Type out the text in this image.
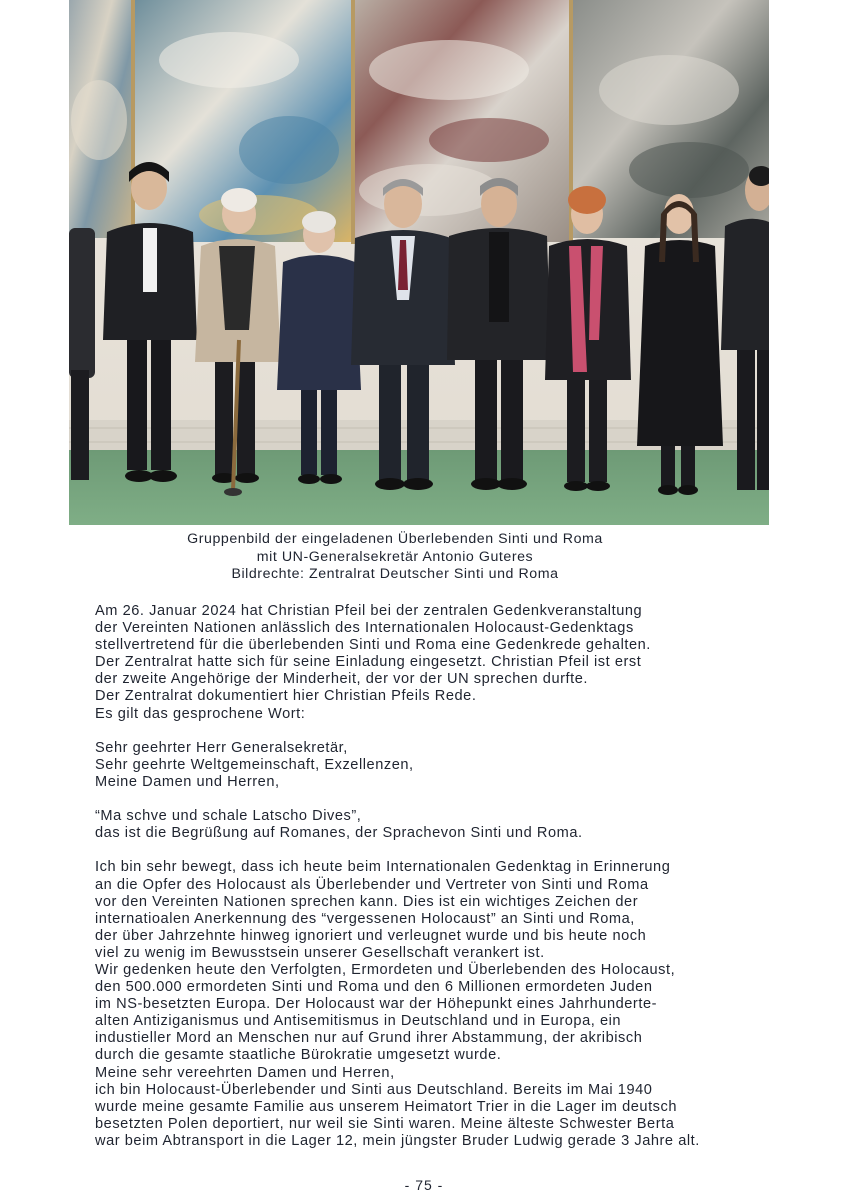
Gruppenbild der eingeladenen Überlebenden Sinti und Roma
mit UN-Generalsekretär Antonio Guteres
Bildrechte: Zentralrat Deutscher Sinti und Roma
Am 26. Januar 2024 hat Christian Pfeil bei der zentralen Gedenkveranstaltung
der Vereinten Nationen anlässlich des Internationalen Holocaust-Gedenktags
stellvertretend für die überlebenden Sinti und Roma eine Gedenkrede gehalten.
Der Zentralrat hatte sich für seine Einladung eingesetzt. Christian Pfeil ist erst
der zweite Angehörige der Minderheit, der vor der UN sprechen durfte.
Der Zentralrat dokumentiert hier Christian Pfeils Rede.
Es gilt das gesprochene Wort:
Sehr geehrter Herr Generalsekretär,
Sehr geehrte Weltgemeinschaft, Exzellenzen,
Meine Damen und Herren,
“Ma schve und schale Latscho Dives”,
das ist die Begrüßung auf Romanes, der Sprachevon Sinti und Roma.
Ich bin sehr bewegt, dass ich heute beim Internationalen Gedenktag in Erinnerung
an die Opfer des Holocaust als Überlebender und Vertreter von Sinti und Roma
vor den Vereinten Nationen sprechen kann. Dies ist ein wichtiges Zeichen der
internatioalen Anerkennung des “vergessenen Holocaust” an Sinti und Roma,
der über Jahrzehnte hinweg ignoriert und verleugnet wurde und bis heute noch
viel zu wenig im Bewusstsein unserer Gesellschaft verankert ist.
Wir gedenken heute den Verfolgten, Ermordeten und Überlebenden des Holocaust,
den 500.000 ermordeten Sinti und Roma und den 6 Millionen ermordeten Juden
im NS-besetzten Europa. Der Holocaust war der Höhepunkt eines Jahrhunderte-
alten Antiziganismus und Antisemitismus in Deutschland und in Europa, ein
industieller Mord an Menschen nur auf Grund ihrer Abstammung, der akribisch
durch die gesamte staatliche Bürokratie umgesetzt wurde.
Meine sehr vereehrten Damen und Herren,
ich bin Holocaust-Überlebender und Sinti aus Deutschland. Bereits im Mai 1940
wurde meine gesamte Familie aus unserem Heimatort Trier in die Lager im deutsch
besetzten Polen deportiert, nur weil sie Sinti waren. Meine älteste Schwester Berta
war beim Abtransport in die Lager 12, mein jüngster Bruder Ludwig gerade 3 Jahre alt.
- 75 -
